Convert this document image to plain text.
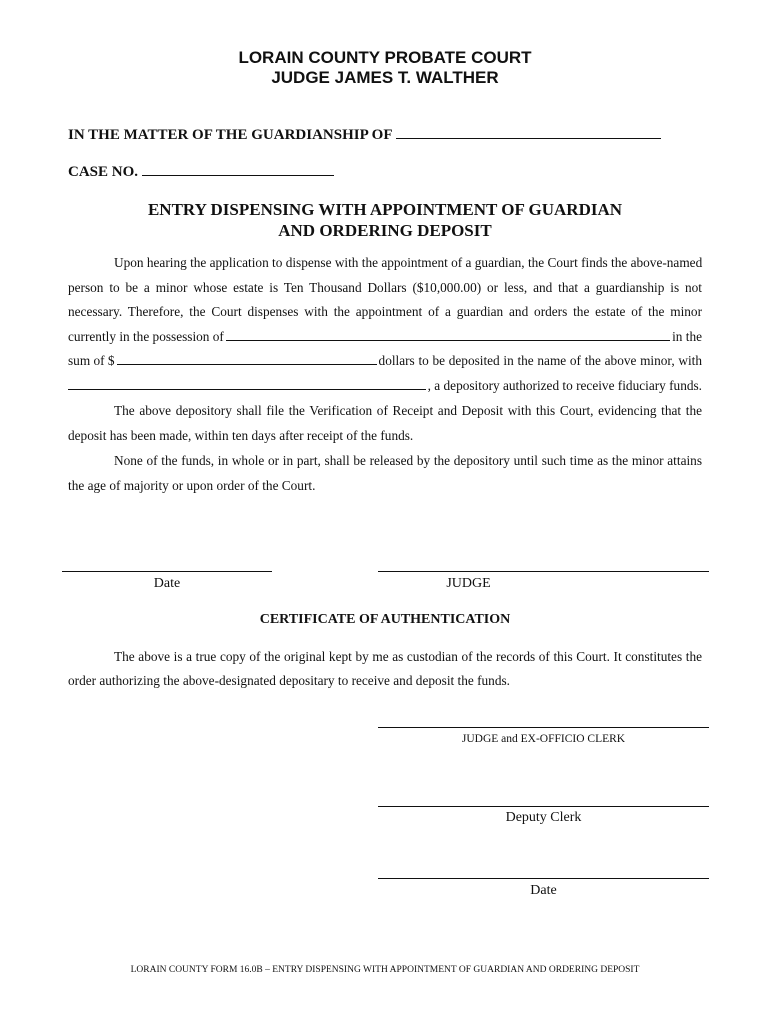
LORAIN COUNTY PROBATE COURT
JUDGE JAMES T. WALTHER
IN THE MATTER OF THE GUARDIANSHIP OF
CASE NO.
ENTRY DISPENSING WITH APPOINTMENT OF GUARDIAN
AND ORDERING DEPOSIT
Upon hearing the application to dispense with the appointment of a guardian, the Court finds the above-named
person to be a minor whose estate is Ten Thousand Dollars ($10,000.00) or less, and that a guardianship is not
necessary. Therefore, the Court dispenses with the appointment of a guardian and orders the estate of the minor
currently in the possession of	in the
sum of $	dollars to be deposited in the name of the above minor, with
, a depository authorized to receive fiduciary funds.
The above depository shall file the Verification of Receipt and Deposit with this Court, evidencing that the
deposit has been made, within ten days after receipt of the funds.
None of the funds, in whole or in part, shall be released by the depository until such time as the minor attains
the age of majority or upon order of the Court.
Date	JUDGE
CERTIFICATE OF AUTHENTICATION
The above is a true copy of the original kept by me as custodian of the records of this Court. It constitutes the
order authorizing the above-designated depositary to receive and deposit the funds.
JUDGE and EX-OFFICIO CLERK
Deputy Clerk
Date
LORAIN COUNTY FORM 16.0B – ENTRY DISPENSING WITH APPOINTMENT OF GUARDIAN AND ORDERING DEPOSIT
